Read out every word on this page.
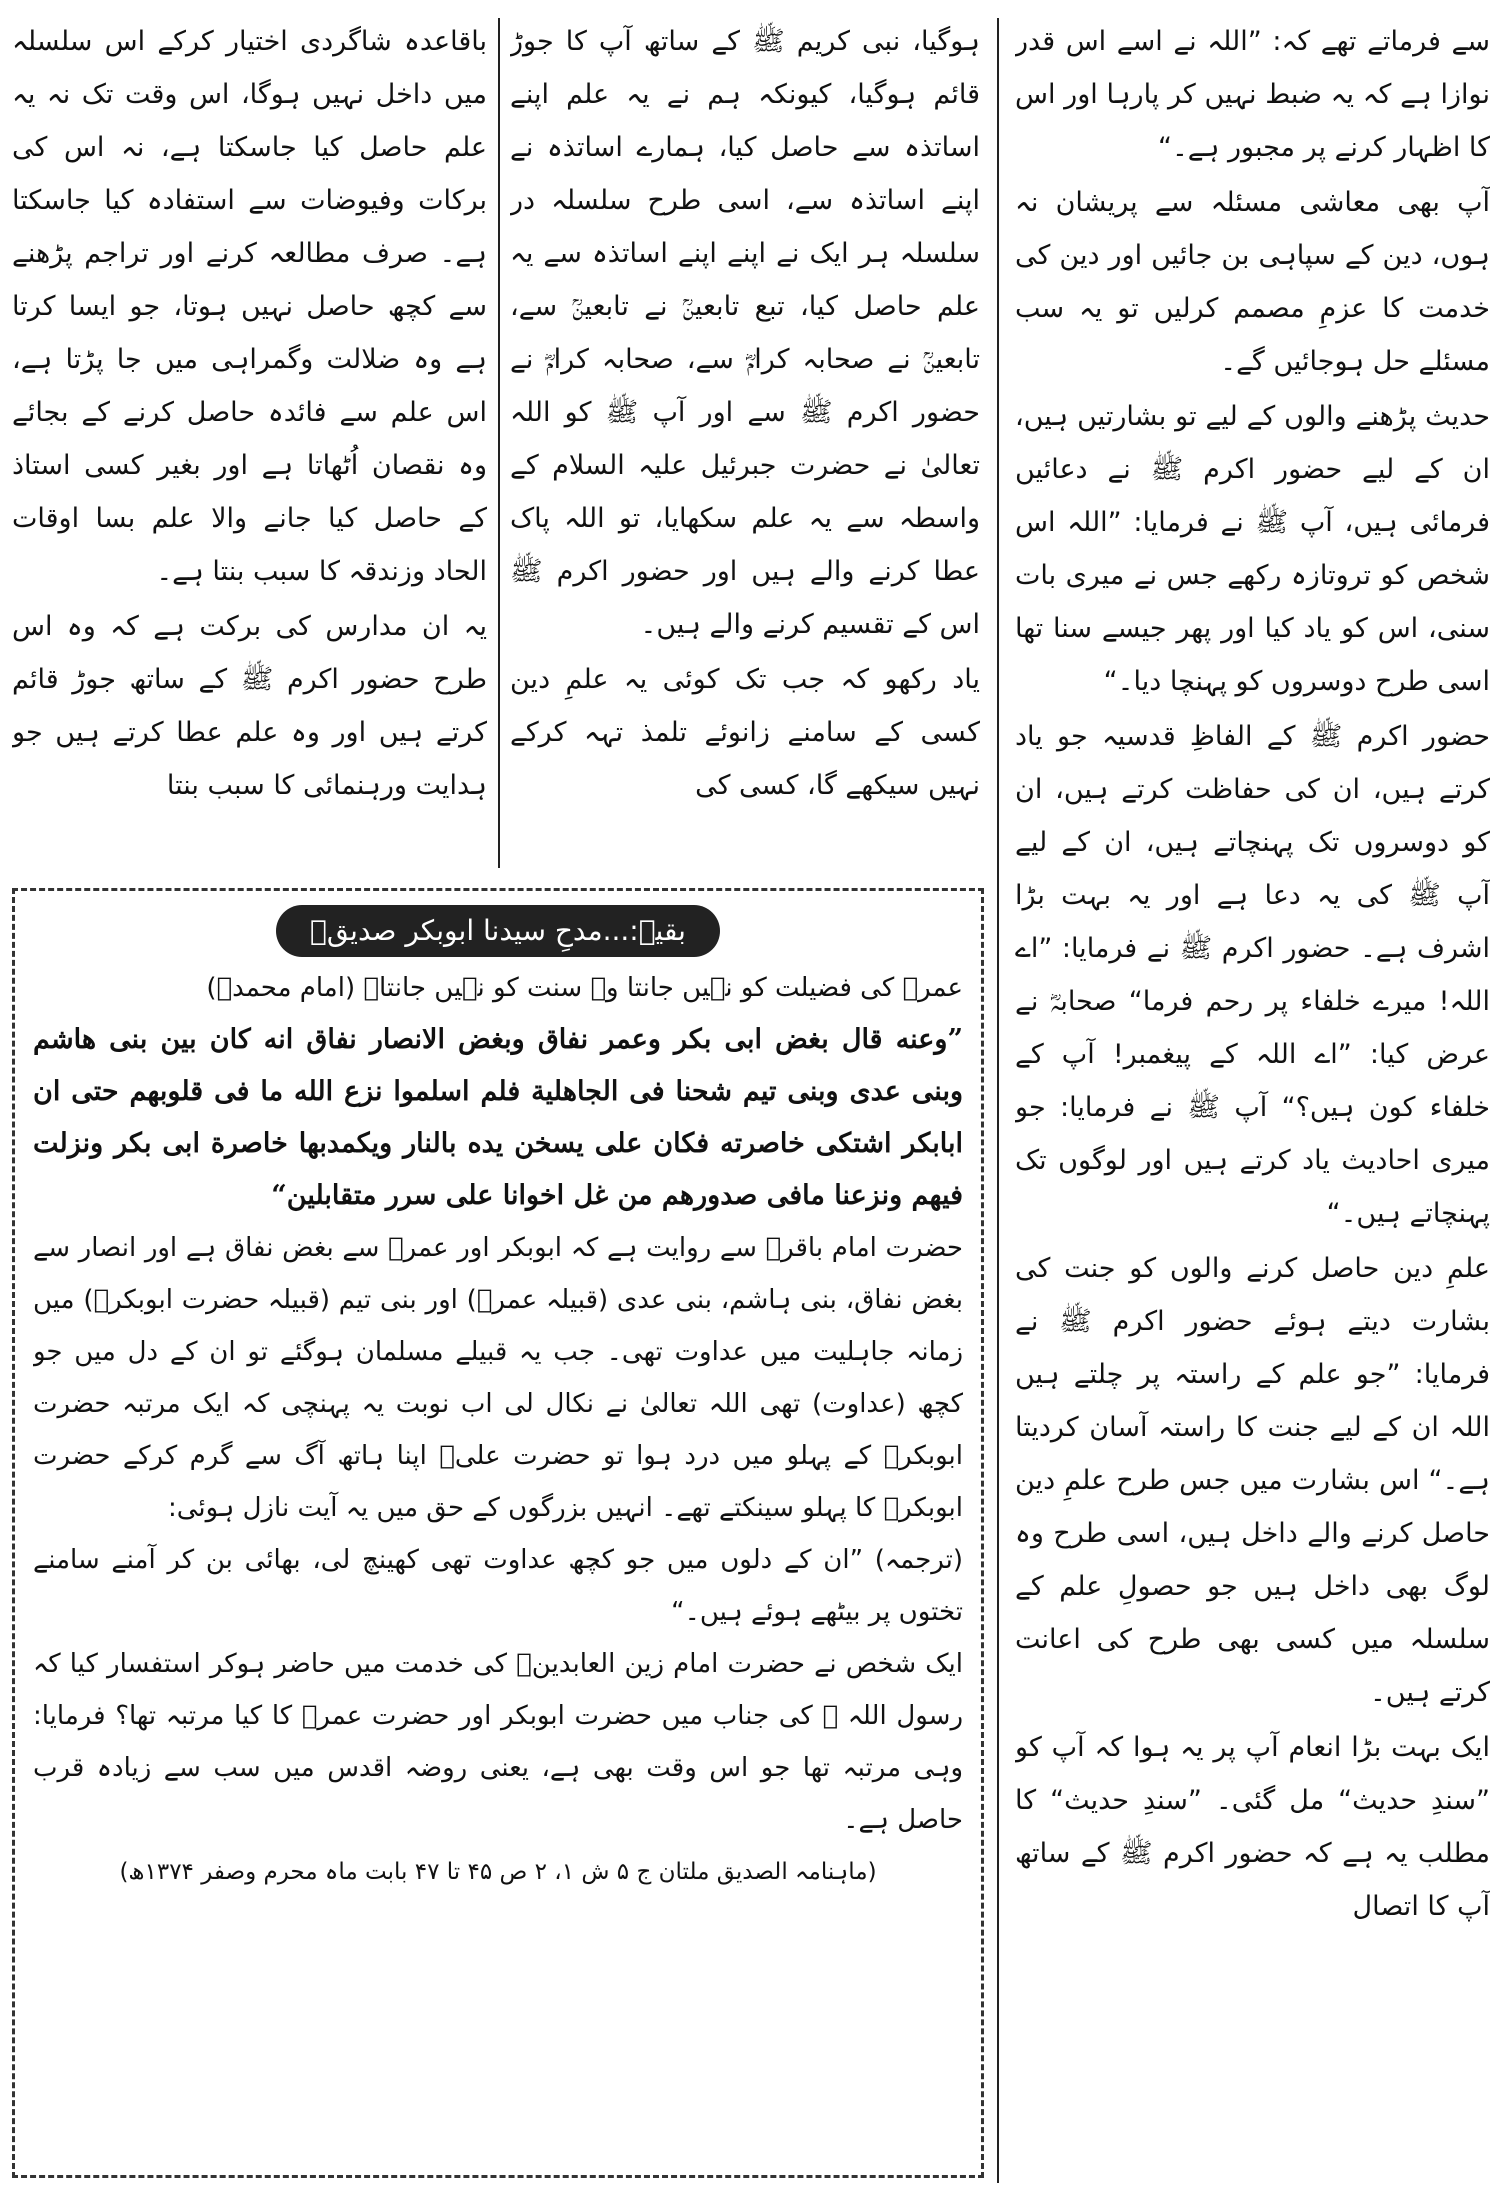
سے فرماتے تھے کہ: ”اللہ نے اسے اس قدر نوازا ہے کہ یہ ضبط نہیں کر پارہا اور اس کا اظہار کرنے پر مجبور ہے۔“

آپ بھی معاشی مسئلہ سے پریشان نہ ہوں، دین کے سپاہی بن جائیں اور دین کی خدمت کا عزمِ مصمم کرلیں تو یہ سب مسئلے حل ہوجائیں گے۔

حدیث پڑھنے والوں کے لیے تو بشارتیں ہیں، ان کے لیے حضور اکرم ﷺ نے دعائیں فرمائی ہیں، آپ ﷺ نے فرمایا: ”اللہ اس شخص کو تروتازہ رکھے جس نے میری بات سنی، اس کو یاد کیا اور پھر جیسے سنا تھا اسی طرح دوسروں کو پہنچا دیا۔“

حضور اکرم ﷺ کے الفاظِ قدسیہ جو یاد کرتے ہیں، ان کی حفاظت کرتے ہیں، ان کو دوسروں تک پہنچاتے ہیں، ان کے لیے آپ ﷺ کی یہ دعا ہے اور یہ بہت بڑا اشرف ہے۔ حضور اکرم ﷺ نے فرمایا: ”اے اللہ! میرے خلفاء پر رحم فرما“ صحابہؓ نے عرض کیا: ”اے اللہ کے پیغمبر! آپ کے خلفاء کون ہیں؟“ آپ ﷺ نے فرمایا: جو میری احادیث یاد کرتے ہیں اور لوگوں تک پہنچاتے ہیں۔“

علمِ دین حاصل کرنے والوں کو جنت کی بشارت دیتے ہوئے حضور اکرم ﷺ نے فرمایا: ”جو علم کے راستہ پر چلتے ہیں اللہ ان کے لیے جنت کا راستہ آسان کردیتا ہے۔“ اس بشارت میں جس طرح علمِ دین حاصل کرنے والے داخل ہیں، اسی طرح وہ لوگ بھی داخل ہیں جو حصولِ علم کے سلسلہ میں کسی بھی طرح کی اعانت کرتے ہیں۔

ایک بہت بڑا انعام آپ پر یہ ہوا کہ آپ کو ”سندِ حدیث“ مل گئی۔ ”سندِ حدیث“ کا مطلب یہ ہے کہ حضور اکرم ﷺ کے ساتھ آپ کا اتصال

ہوگیا، نبی کریم ﷺ کے ساتھ آپ کا جوڑ قائم ہوگیا، کیونکہ ہم نے یہ علم اپنے اساتذہ سے حاصل کیا، ہمارے اساتذہ نے اپنے اساتذہ سے، اسی طرح سلسلہ در سلسلہ ہر ایک نے اپنے اپنے اساتذہ سے یہ علم حاصل کیا، تبع تابعینؒ نے تابعینؒ سے، تابعینؒ نے صحابہ کرامؓ سے، صحابہ کرامؓ نے حضور اکرم ﷺ سے اور آپ ﷺ کو اللہ تعالیٰ نے حضرت جبرئیل علیہ السلام کے واسطہ سے یہ علم سکھایا، تو اللہ پاک عطا کرنے والے ہیں اور حضور اکرم ﷺ اس کے تقسیم کرنے والے ہیں۔

یاد رکھو کہ جب تک کوئی یہ علمِ دین کسی کے سامنے زانوئے تلمذ تہہ کرکے نہیں سیکھے گا، کسی کی

باقاعدہ شاگردی اختیار کرکے اس سلسلہ میں داخل نہیں ہوگا، اس وقت تک نہ یہ علم حاصل کیا جاسکتا ہے، نہ اس کی برکات وفیوضات سے استفادہ کیا جاسکتا ہے۔ صرف مطالعہ کرنے اور تراجم پڑھنے سے کچھ حاصل نہیں ہوتا، جو ایسا کرتا ہے وہ ضلالت وگمراہی میں جا پڑتا ہے، اس علم سے فائدہ حاصل کرنے کے بجائے وہ نقصان اُٹھاتا ہے اور بغیر کسی استاذ کے حاصل کیا جانے والا علم بسا اوقات الحاد وزندقہ کا سبب بنتا ہے۔

یہ ان مدارس کی برکت ہے کہ وہ اس طرح حضور اکرم ﷺ کے ساتھ جوڑ قائم کرتے ہیں اور وہ علم عطا کرتے ہیں جو ہدایت ورہنمائی کا سبب بنتا

بقیہ:...مدحِ سیدنا ابوبکر صدیقؓ

عمرؓ کی فضیلت کو نہیں جانتا وہ سنت کو نہیں جانتا۔ (امام محمدؒ)

”وعنه قال بغض ابی بکر وعمر نفاق وبغض الانصار نفاق انه کان بین بنی هاشم وبنی عدی وبنی تیم شحنا فی الجاهلیة فلم اسلموا نزع الله ما فی قلوبهم حتی ان ابابکر اشتکی خاصرته فکان علی یسخن یده بالنار ویکمدبها خاصرة ابی بکر ونزلت فیهم ونزعنا مافی صدورهم من غل اخوانا علی سرر متقابلین“

حضرت امام باقرؒ سے روایت ہے کہ ابوبکر اور عمرؓ سے بغض نفاق ہے اور انصار سے بغض نفاق، بنی ہاشم، بنی عدی (قبیلہ عمرؓ) اور بنی تیم (قبیلہ حضرت ابوبکرؓ) میں زمانہ جاہلیت میں عداوت تھی۔ جب یہ قبیلے مسلمان ہوگئے تو ان کے دل میں جو کچھ (عداوت) تھی اللہ تعالیٰ نے نکال لی اب نوبت یہ پہنچی کہ ایک مرتبہ حضرت ابوبکرؓ کے پہلو میں درد ہوا تو حضرت علیؓ اپنا ہاتھ آگ سے گرم کرکے حضرت ابوبکرؓ کا پہلو سینکتے تھے۔ انہیں بزرگوں کے حق میں یہ آیت نازل ہوئی:

(ترجمہ) ”ان کے دلوں میں جو کچھ عداوت تھی کھینچ لی، بھائی بن کر آمنے سامنے تختوں پر بیٹھے ہوئے ہیں۔“

ایک شخص نے حضرت امام زین العابدینؒ کی خدمت میں حاضر ہوکر استفسار کیا کہ رسول اللہ ﷺ کی جناب میں حضرت ابوبکر اور حضرت عمرؓ کا کیا مرتبہ تھا؟ فرمایا: وہی مرتبہ تھا جو اس وقت بھی ہے، یعنی روضہ اقدس میں سب سے زیادہ قرب حاصل ہے۔

(ماہنامہ الصدیق ملتان ج ۵ ش ۱، ۲ ص ۴۵ تا ۴۷ بابت ماہ محرم وصفر ۱۳۷۴ھ)
